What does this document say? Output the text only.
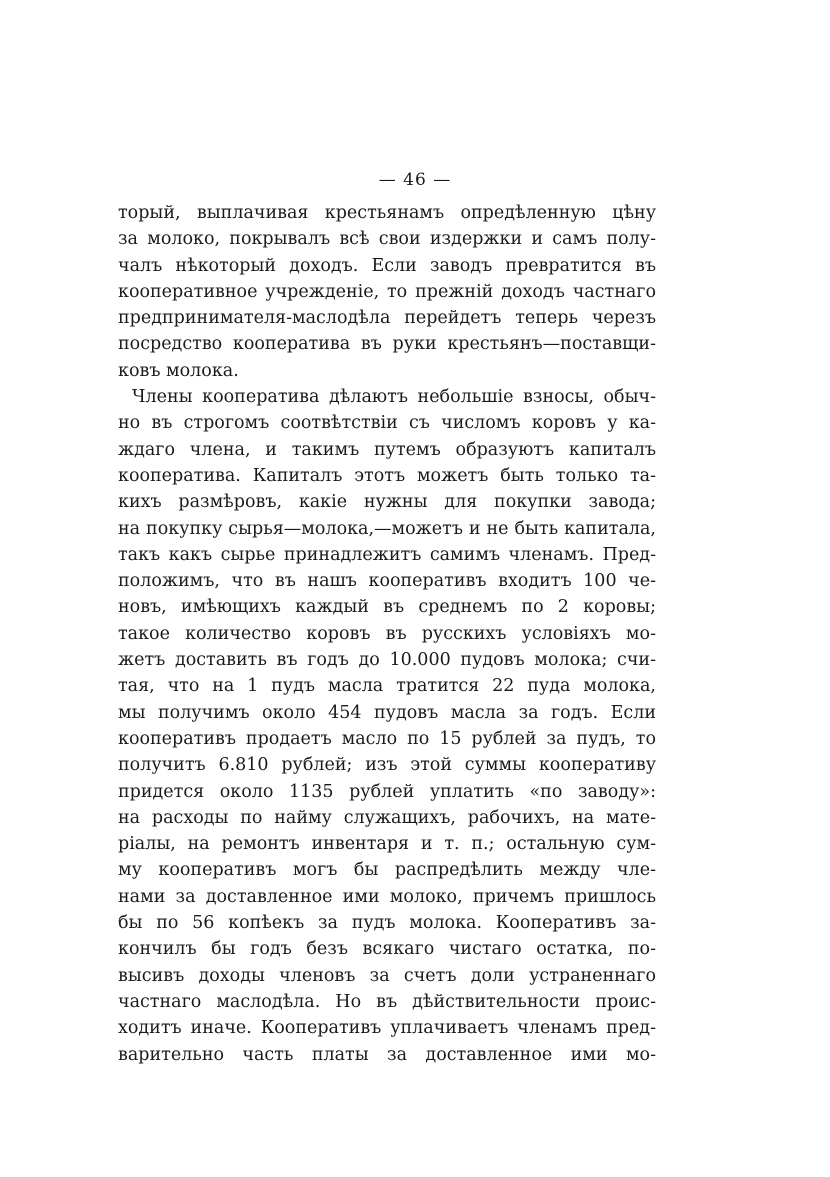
— 46 —
торый, выплачивая крестьянамъ опредѣленную цѣну
за молоко, покрывалъ всѣ свои издержки и самъ полу-
чалъ нѣкоторый доходъ. Если заводъ превратится въ
кооперативное учрежденіе, то прежній доходъ частнаго
предпринимателя-маслодѣла перейдетъ теперь черезъ
посредство кооператива въ руки крестьянъ—поставщи-
ковъ молока.
Члены кооператива дѣлаютъ небольшіе взносы, обыч-
но въ строгомъ соотвѣтствіи съ числомъ коровъ у ка-
ждаго члена, и такимъ путемъ образуютъ капиталъ
кооператива. Капиталъ этотъ можетъ быть только та-
кихъ размѣровъ, какіе нужны для покупки завода;
на покупку сырья—молока,—можетъ и не быть капитала,
такъ какъ сырье принадлежитъ самимъ членамъ. Пред-
положимъ, что въ нашъ кооперативъ входитъ 100 че-
новъ, имѣющихъ каждый въ среднемъ по 2 коровы;
такое количество коровъ въ русскихъ условіяхъ мо-
жетъ доставить въ годъ до 10.000 пудовъ молока; счи-
тая, что на 1 пудъ масла тратится 22 пуда молока,
мы получимъ около 454 пудовъ масла за годъ. Если
кооперативъ продаетъ масло по 15 рублей за пудъ, то
получитъ 6.810 рублей; изъ этой суммы кооперативу
придется около 1135 рублей уплатить «по заводу»:
на расходы по найму служащихъ, рабочихъ, на мате-
ріалы, на ремонтъ инвентаря и т. п.; остальную сум-
му кооперативъ могъ бы распредѣлить между чле-
нами за доставленное ими молоко, причемъ пришлось
бы по 56 копѣекъ за пудъ молока. Кооперативъ за-
кончилъ бы годъ безъ всякаго чистаго остатка, по-
высивъ доходы членовъ за счетъ доли устраненнаго
частнаго маслодѣла. Но въ дѣйствительности проис-
ходитъ иначе. Кооперативъ уплачиваетъ членамъ пред-
варительно часть платы за доставленное ими мо-
